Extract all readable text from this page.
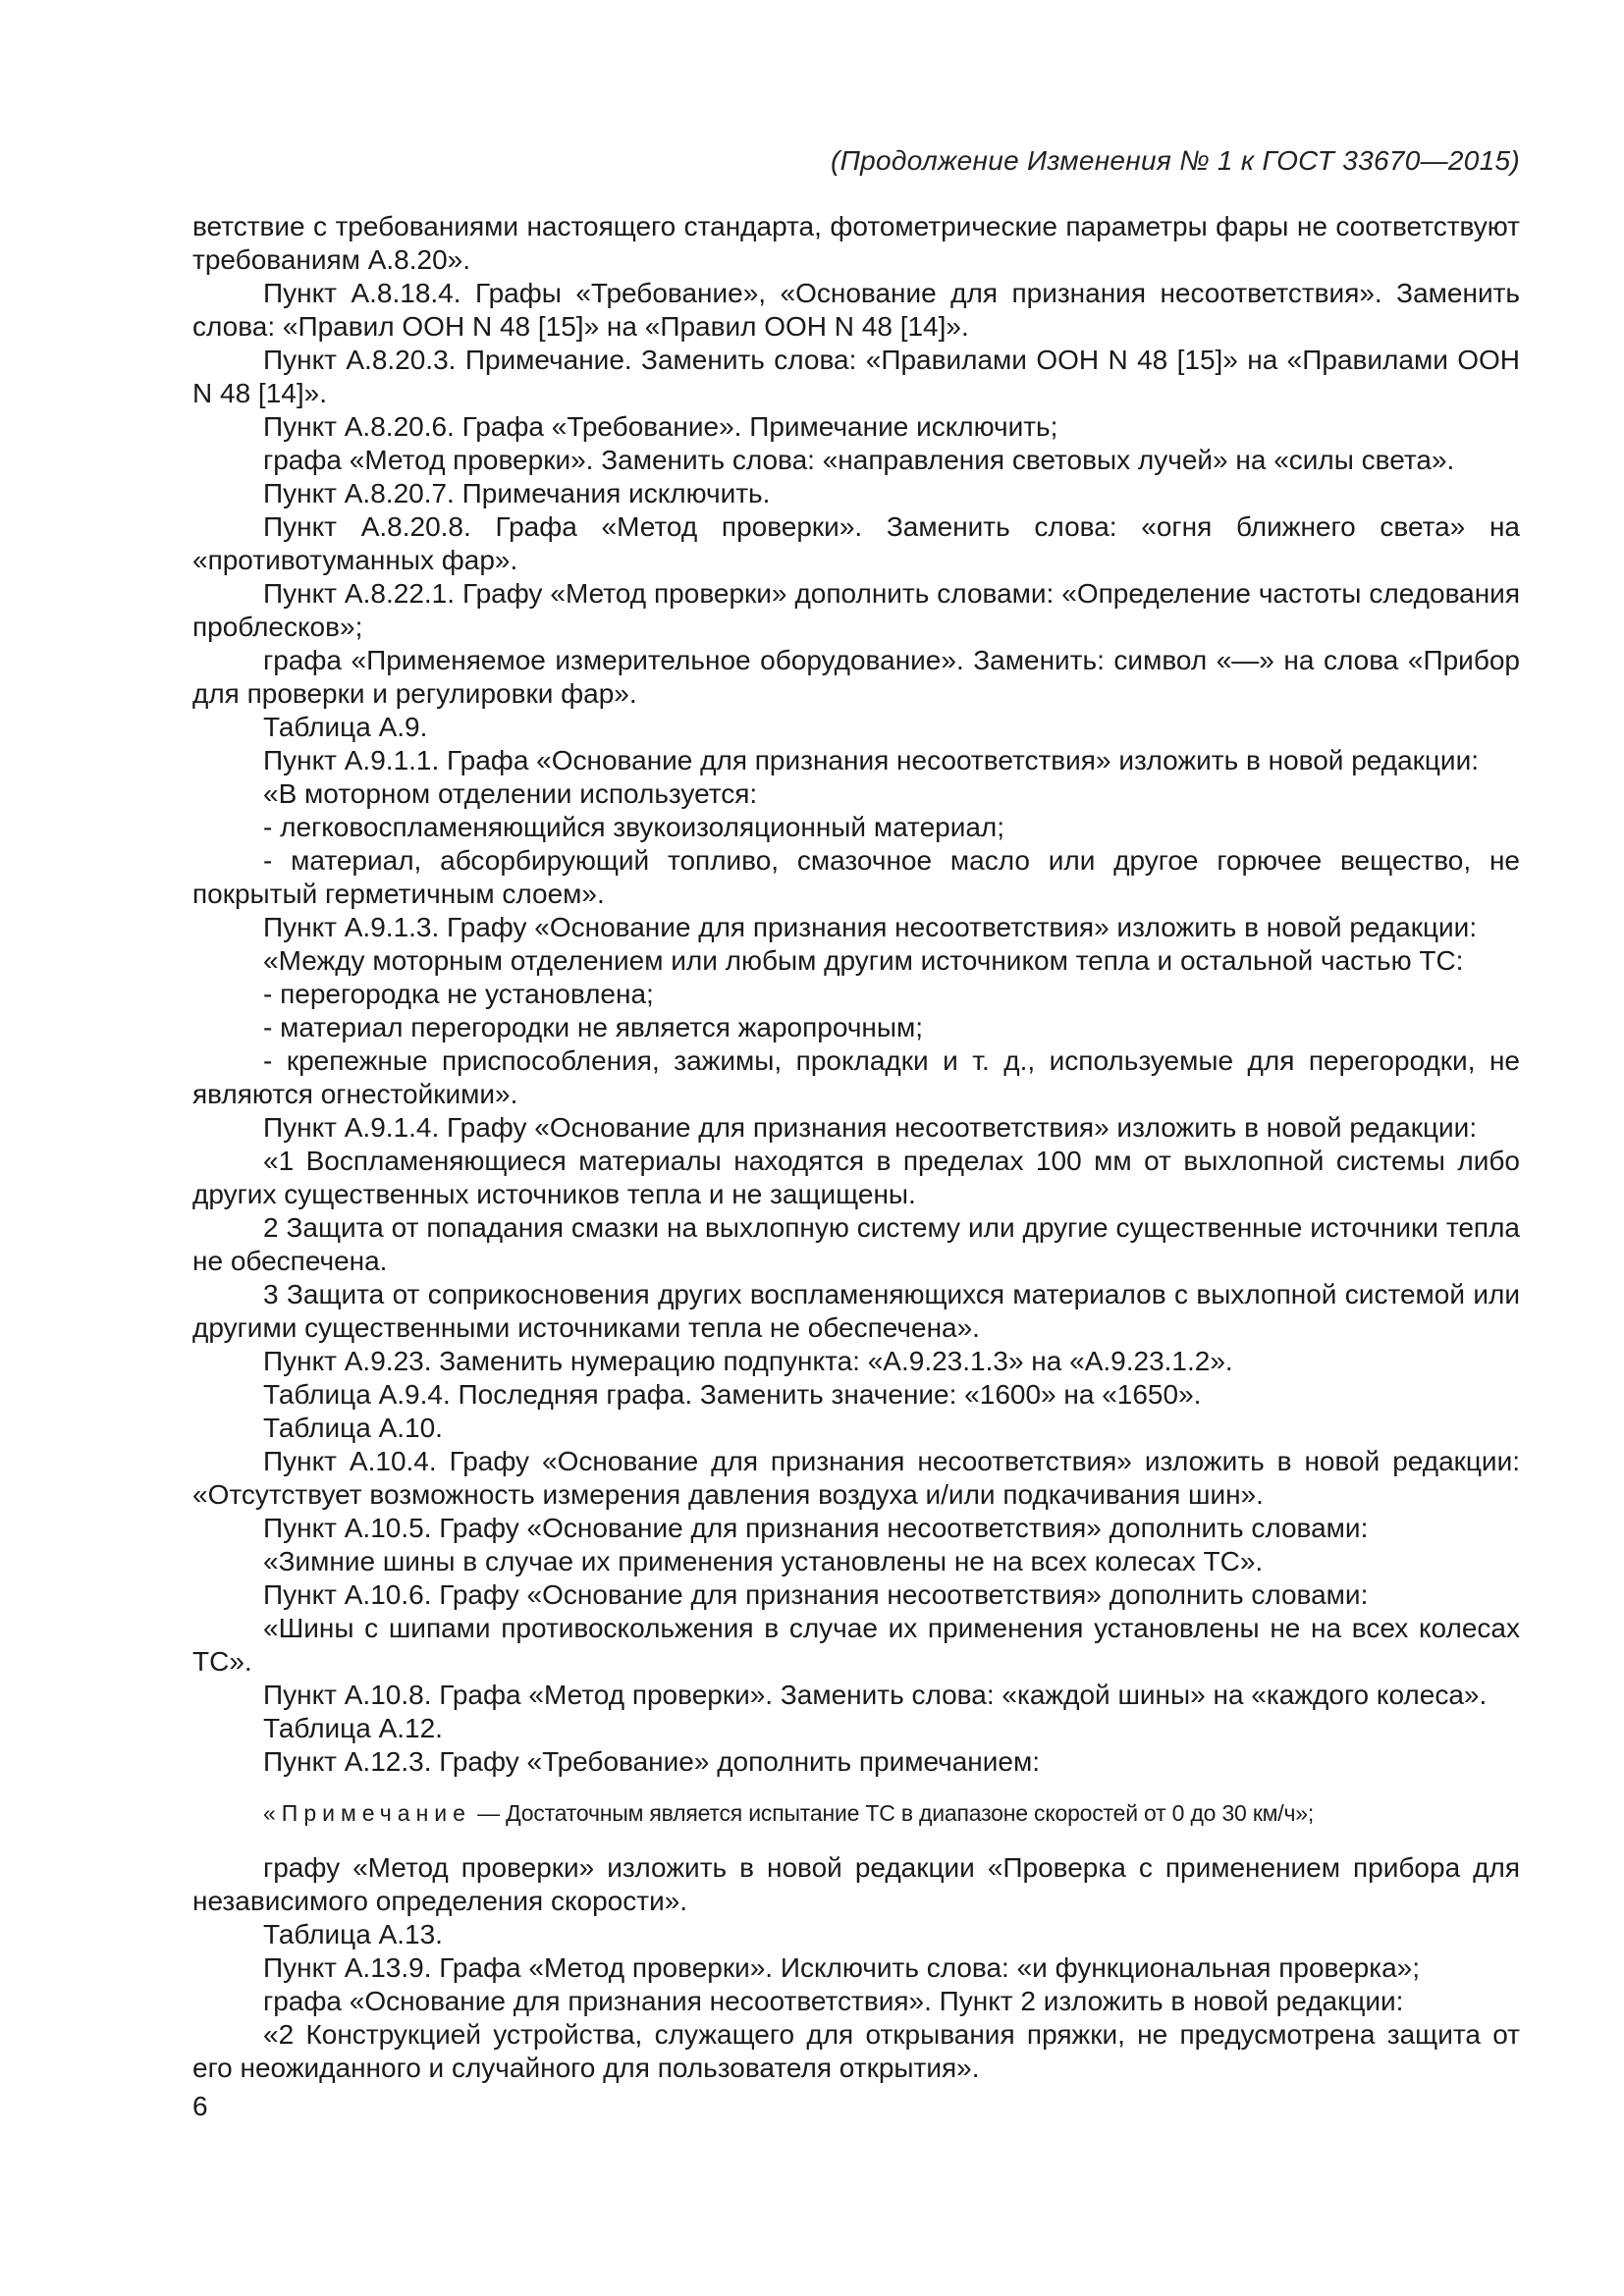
(Продолжение Изменения № 1 к ГОСТ 33670—2015)

ветствие с требованиями настоящего стандарта, фотометрические параметры фары не соответствуют требованиям А.8.20».

Пункт А.8.18.4. Графы «Требование», «Основание для признания несоответствия». Заменить слова: «Правил ООН N 48 [15]» на «Правил ООН N 48 [14]».

Пункт А.8.20.3. Примечание. Заменить слова: «Правилами ООН N 48 [15]» на «Правилами ООН N 48 [14]».

Пункт А.8.20.6. Графа «Требование». Примечание исключить;

графа «Метод проверки». Заменить слова: «направления световых лучей» на «силы света».

Пункт А.8.20.7. Примечания исключить.

Пункт А.8.20.8. Графа «Метод проверки». Заменить слова: «огня ближнего света» на «противотуманных фар».

Пункт А.8.22.1. Графу «Метод проверки» дополнить словами: «Определение частоты следования проблесков»;

графа «Применяемое измерительное оборудование». Заменить: символ «—» на слова «Прибор для проверки и регулировки фар».

Таблица А.9.

Пункт А.9.1.1. Графа «Основание для признания несоответствия» изложить в новой редакции:

«В моторном отделении используется:

- легковоспламеняющийся звукоизоляционный материал;

- материал, абсорбирующий топливо, смазочное масло или другое горючее вещество, не покрытый герметичным слоем».

Пункт А.9.1.3. Графу «Основание для признания несоответствия» изложить в новой редакции:

«Между моторным отделением или любым другим источником тепла и остальной частью ТС:

- перегородка не установлена;

- материал перегородки не является жаропрочным;

- крепежные приспособления, зажимы, прокладки и т. д., используемые для перегородки, не являются огнестойкими».

Пункт А.9.1.4. Графу «Основание для признания несоответствия» изложить в новой редакции:

«1 Воспламеняющиеся материалы находятся в пределах 100 мм от выхлопной системы либо других существенных источников тепла и не защищены.

2 Защита от попадания смазки на выхлопную систему или другие существенные источники тепла не обеспечена.

3 Защита от соприкосновения других воспламеняющихся материалов с выхлопной системой или другими существенными источниками тепла не обеспечена».

Пункт А.9.23. Заменить нумерацию подпункта: «А.9.23.1.3» на «А.9.23.1.2».

Таблица А.9.4. Последняя графа. Заменить значение: «1600» на «1650».

Таблица А.10.

Пункт А.10.4. Графу «Основание для признания несоответствия» изложить в новой редакции: «Отсутствует возможность измерения давления воздуха и/или подкачивания шин».

Пункт А.10.5. Графу «Основание для признания несоответствия» дополнить словами:

«Зимние шины в случае их применения установлены не на всех колесах ТС».

Пункт А.10.6. Графу «Основание для признания несоответствия» дополнить словами:

«Шины с шипами противоскольжения в случае их применения установлены не на всех колесах ТС».

Пункт А.10.8. Графа «Метод проверки». Заменить слова: «каждой шины» на «каждого колеса».

Таблица А.12.

Пункт А.12.3. Графу «Требование» дополнить примечанием:

« Примечание — Достаточным является испытание ТС в диапазоне скоростей от 0 до 30 км/ч»;

графу «Метод проверки» изложить в новой редакции «Проверка с применением прибора для независимого определения скорости».

Таблица А.13.

Пункт А.13.9. Графа «Метод проверки». Исключить слова: «и функциональная проверка»;

графа «Основание для признания несоответствия». Пункт 2 изложить в новой редакции:

«2 Конструкцией устройства, служащего для открывания пряжки, не предусмотрена защита от его неожиданного и случайного для пользователя открытия».

6
